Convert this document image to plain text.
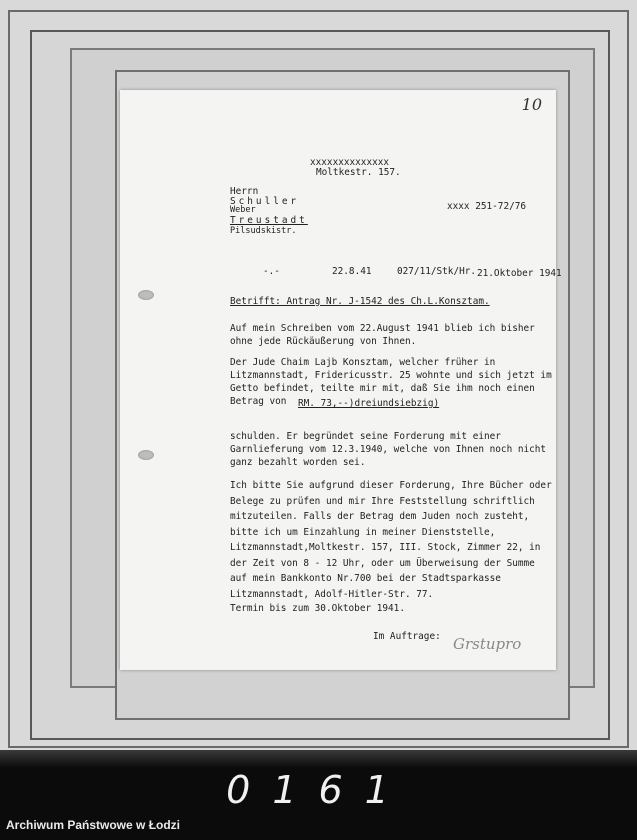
10
xxxxxxxxxxxxxx
Moltkestr. 157.
Herrn
Schuller
Weber
Treustadt
Pilsudskistr.
xxxx 251-72/76
-.-	22.8.41	027/11/Stk/Hr. 21.Oktober 1941
Betrifft: Antrag Nr. J-1542 des Ch.L.Konsztam.
Auf mein Schreiben vom 22.August 1941 blieb ich bisher ohne jede Rückäußerung von Ihnen.
Der Jude Chaim Lajb Konsztam, welcher früher in Litzmannstadt, Fridericusstr. 25 wohnte und sich jetzt im Getto befindet, teilte mir mit, daß Sie ihm noch einen Betrag von	RM. 73,--)dreiundsiebzig)
schulden. Er begründet seine Forderung mit einer Garnlieferung vom 12.3.1940, welche von Ihnen noch nicht ganz bezahlt worden sei.
Ich bitte Sie aufgrund dieser Forderung, Ihre Bücher oder Belege zu prüfen und mir Ihre Feststellung schriftlich mitzuteilen. Falls der Betrag dem Juden noch zusteht, bitte ich um Einzahlung in meiner Dienststelle, Litzmannstadt,Moltkestr. 157, III. Stock, Zimmer 22, in der Zeit von 8 - 12 Uhr, oder um Überweisung der Summe auf mein Bankkonto Nr.700 bei der Stadtsparkasse Litzmannstadt, Adolf-Hitler-Str. 77.
Termin bis zum 30.Oktober 1941.
Im Auftrage: Grstupro
0161
Archiwum Państwowe w Łodzi
